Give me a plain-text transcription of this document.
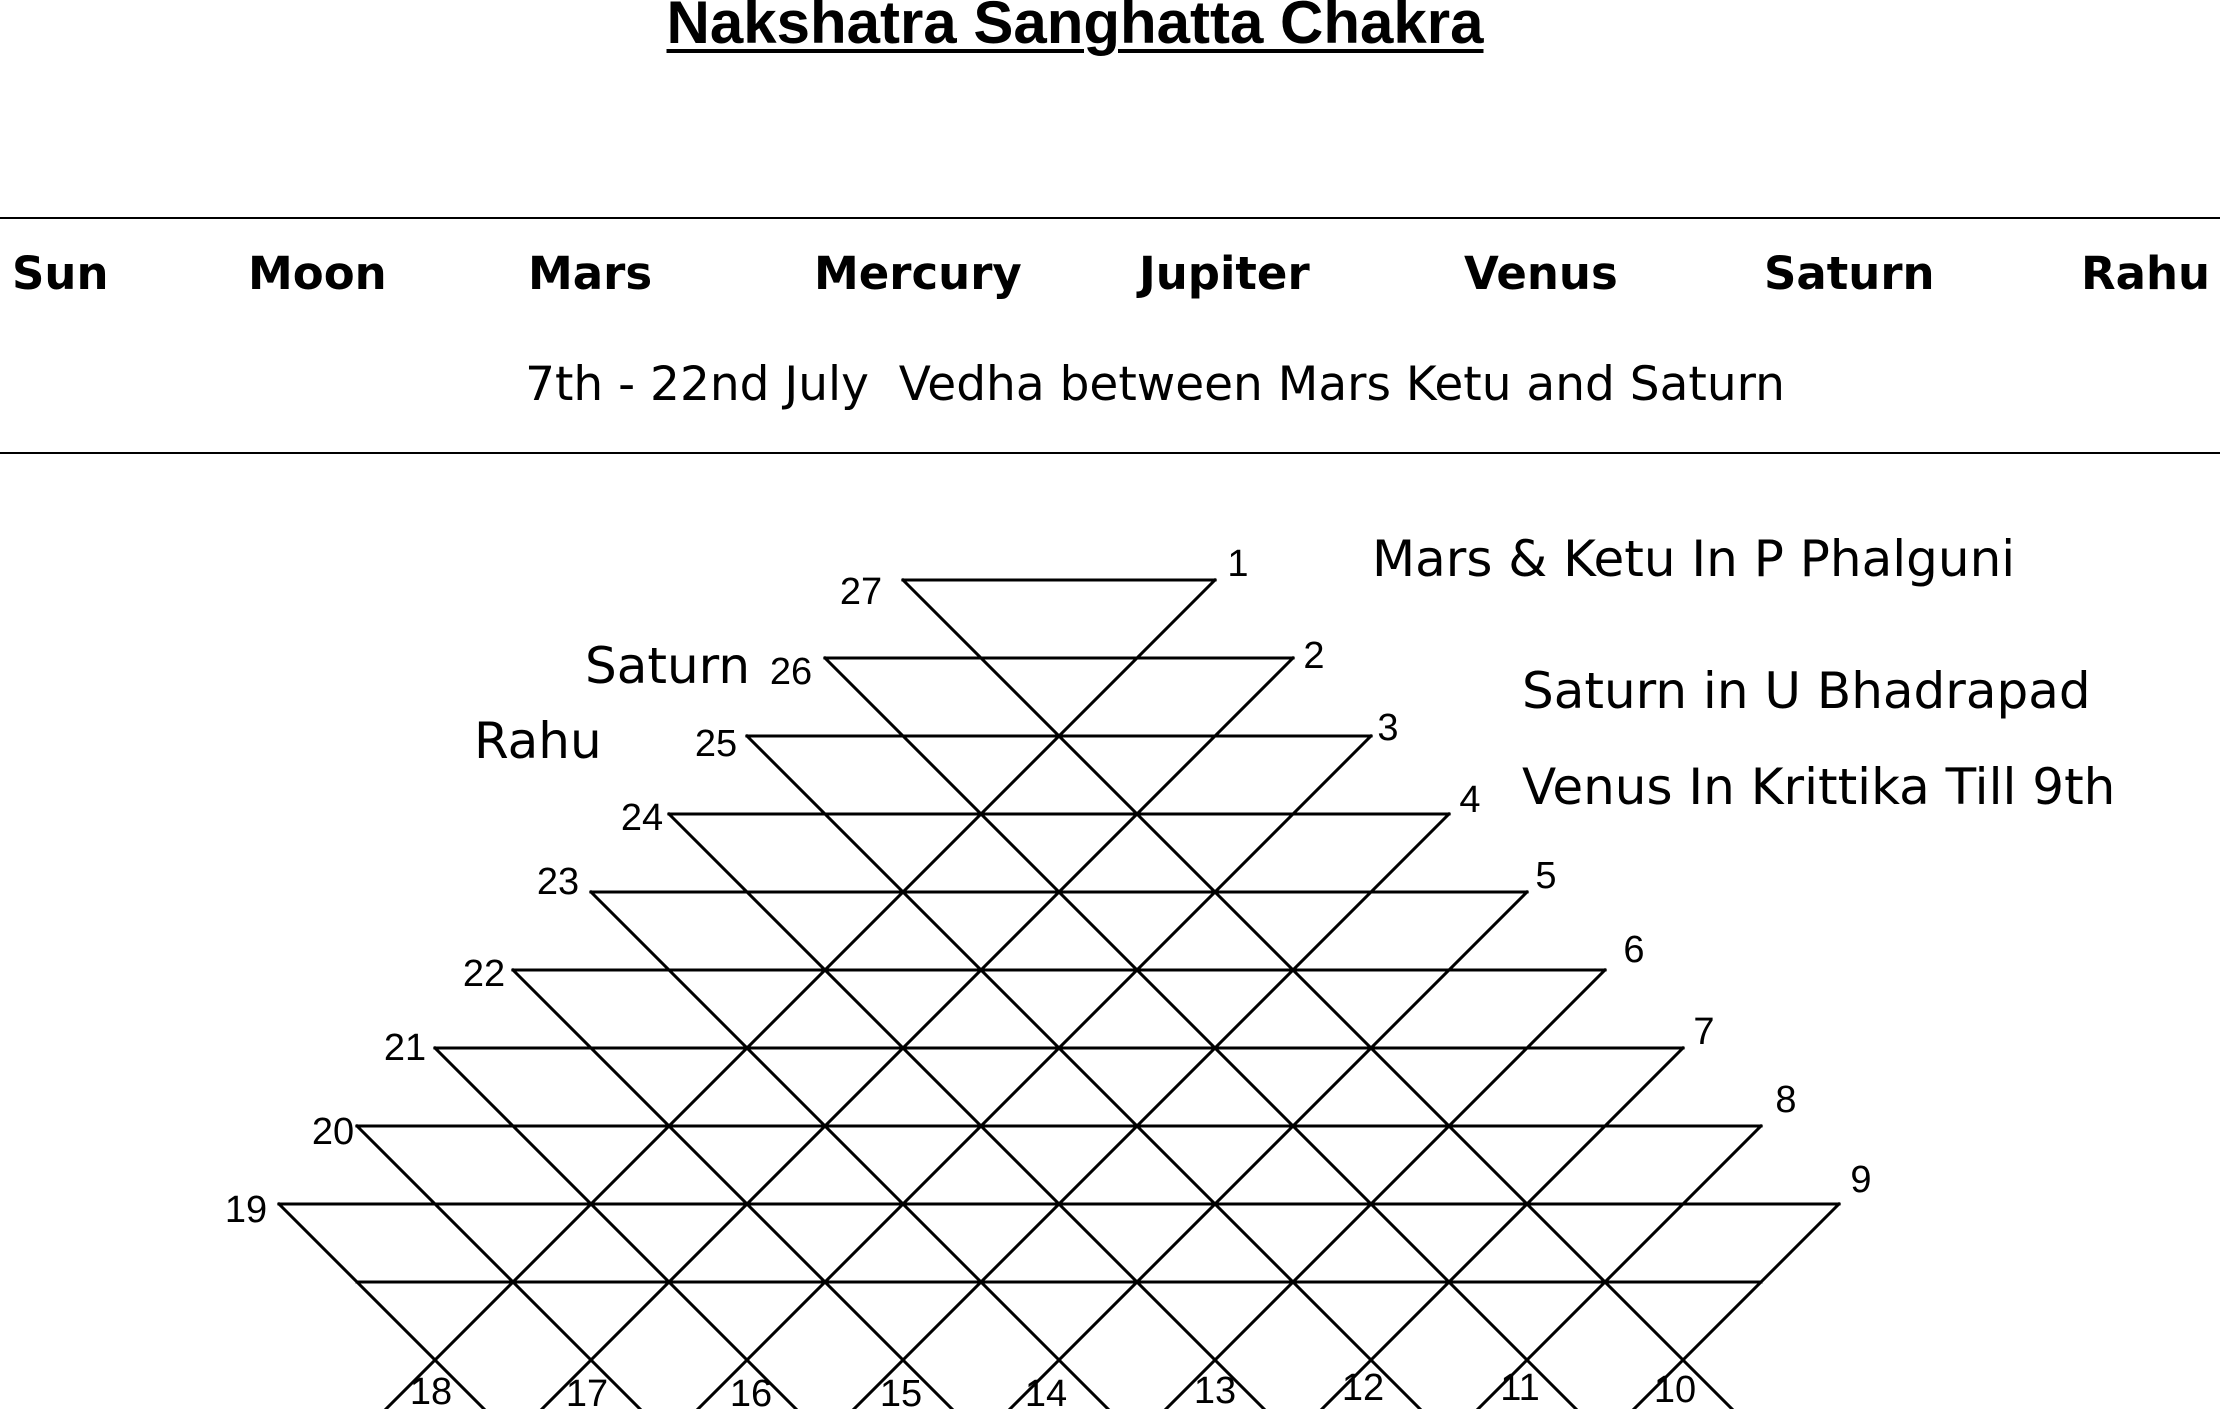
Nakshatra Sanghatta Chakra
Sun	Moon	Mars	Mercury	Jupiter	Venus	Saturn	Rahu
7th - 22nd July  Vedha between Mars Ketu and Saturn
1
2
3
4
5
6
7
8
9
10
11
12
13
14
15
16
17
18
19
20
21
22
23
24
25
26
27
Mars & Ketu In P Phalguni
Saturn in U Bhadrapad
Venus In Krittika Till 9th
Saturn
Rahu
